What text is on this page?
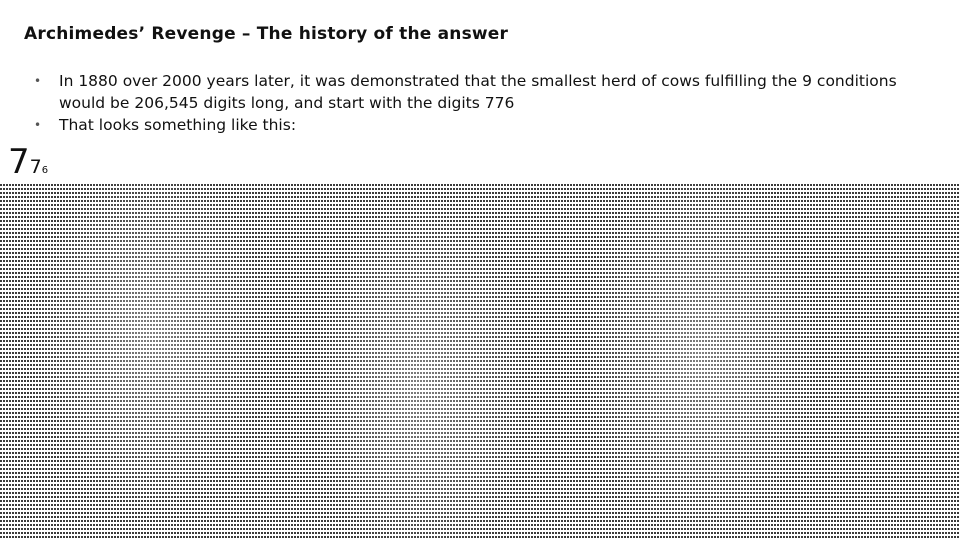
Archimedes’ Revenge – The history of the answer
• In 1880 over 2000 years later, it was demonstrated that the smallest herd of cows fulfilling the 9 conditions would be 206,545 digits long, and start with the digits 776
• That looks something like this:
776
